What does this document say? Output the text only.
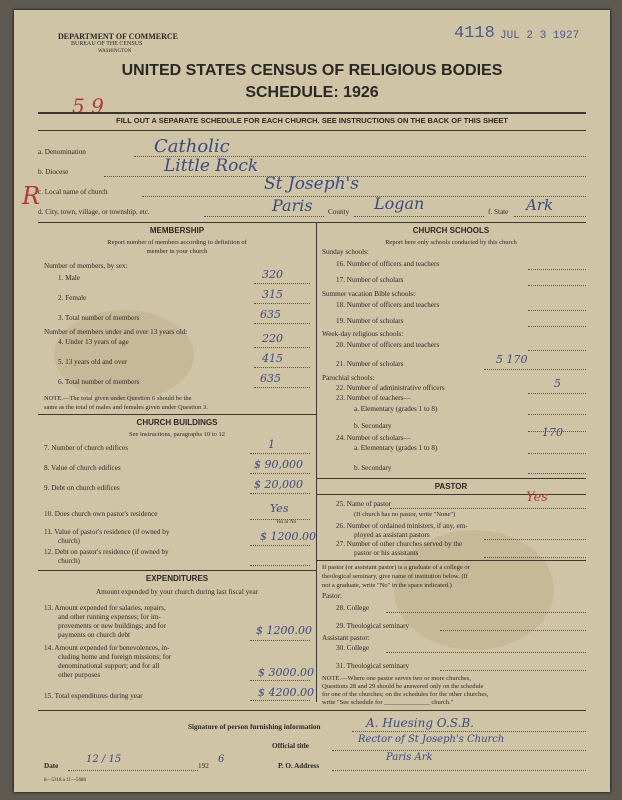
DEPARTMENT OF COMMERCE
BUREAU OF THE CENSUS
WASHINGTON
4118 JUL 2 3 1927
UNITED STATES CENSUS OF RELIGIOUS BODIES
SCHEDULE: 1926
5 9
FILL OUT A SEPARATE SCHEDULE FOR EACH CHURCH. SEE INSTRUCTIONS ON THE BACK OF THIS SHEET
a. Denomination	Catholic
b. Diocese	Little Rock
c. Local name of church	St Joseph's
d. City, town, village, or township, etc.	Paris County Logan	f. State Ark
R
MEMBERSHIP
Report number of members according to definition of
member in your church
Number of members, by sex:
1. Male	320
2. Female	315
3. Total number of members	635
Number of members under and over 13 years old:
4. Under 13 years of age	220
5. 13 years old and over	415
6. Total number of members	635
NOTE.—The total given under Question 6 should be the
same as the total of males and females given under Question 3.
CHURCH BUILDINGS
See instructions, paragraphs 10 to 12
7. Number of church edifices	1
8. Value of church edifices	$ 90,000
9. Debt on church edifices	$ 20,000
10. Does church own pastor's residence	Yes
Yes or No
11. Value of pastor's residence (if owned by
church)	$ 1200.00
12. Debt on pastor's residence (if owned by
church)
EXPENDITURES
Amount expended by your church during last fiscal year
13. Amount expended for salaries, repairs,
and other running expenses; for im-
provements or new buildings; and for
payments on church debt	$ 1200.00
14. Amount expended for benevolences, in-
cluding home and foreign missions; for
denominational support; and for all
other purposes	$ 3000.00
15. Total expenditures during year	$ 4200.00
CHURCH SCHOOLS
Report here only schools conducted by this church
Sunday schools:
16. Number of officers and teachers
17. Number of scholars
Summer vacation Bible schools:
18. Number of officers and teachers
19. Number of scholars
Week-day religious schools:
20. Number of officers and teachers
21. Number of scholars	5 170
Parochial schools:
22. Number of administrative officers	5
23. Number of teachers—
a. Elementary (grades 1 to 8)
b. Secondary
24. Number of scholars—	170
a. Elementary (grades 1 to 8)
b. Secondary
PASTOR
25. Name of pastor	Yes
(If church has no pastor, write "None")
26. Number of ordained ministers, if any, em-
ployed as assistant pastors
27. Number of other churches served by the
pastor or his assistants
If pastor (or assistant pastor) is a graduate of a college or
theological seminary, give name of institution below. (If
not a graduate, write "No" in the space indicated.)
Pastor:
28. College
29. Theological seminary
Assistant pastor:
30. College
31. Theological seminary
NOTE.—Where one pastor serves two or more churches,
Questions 28 and 29 should be answered only on the schedule
for one of the churches; on the schedules for the other churches,
write "See schedule for ______________ church."
Signature of person furnishing information	A. Huesing O.S.B.
Official title
Rector of St Joseph's Church
Date
12 / 15
192
6
P. O. Address
Paris Ark
8—5318 a 11—5686
